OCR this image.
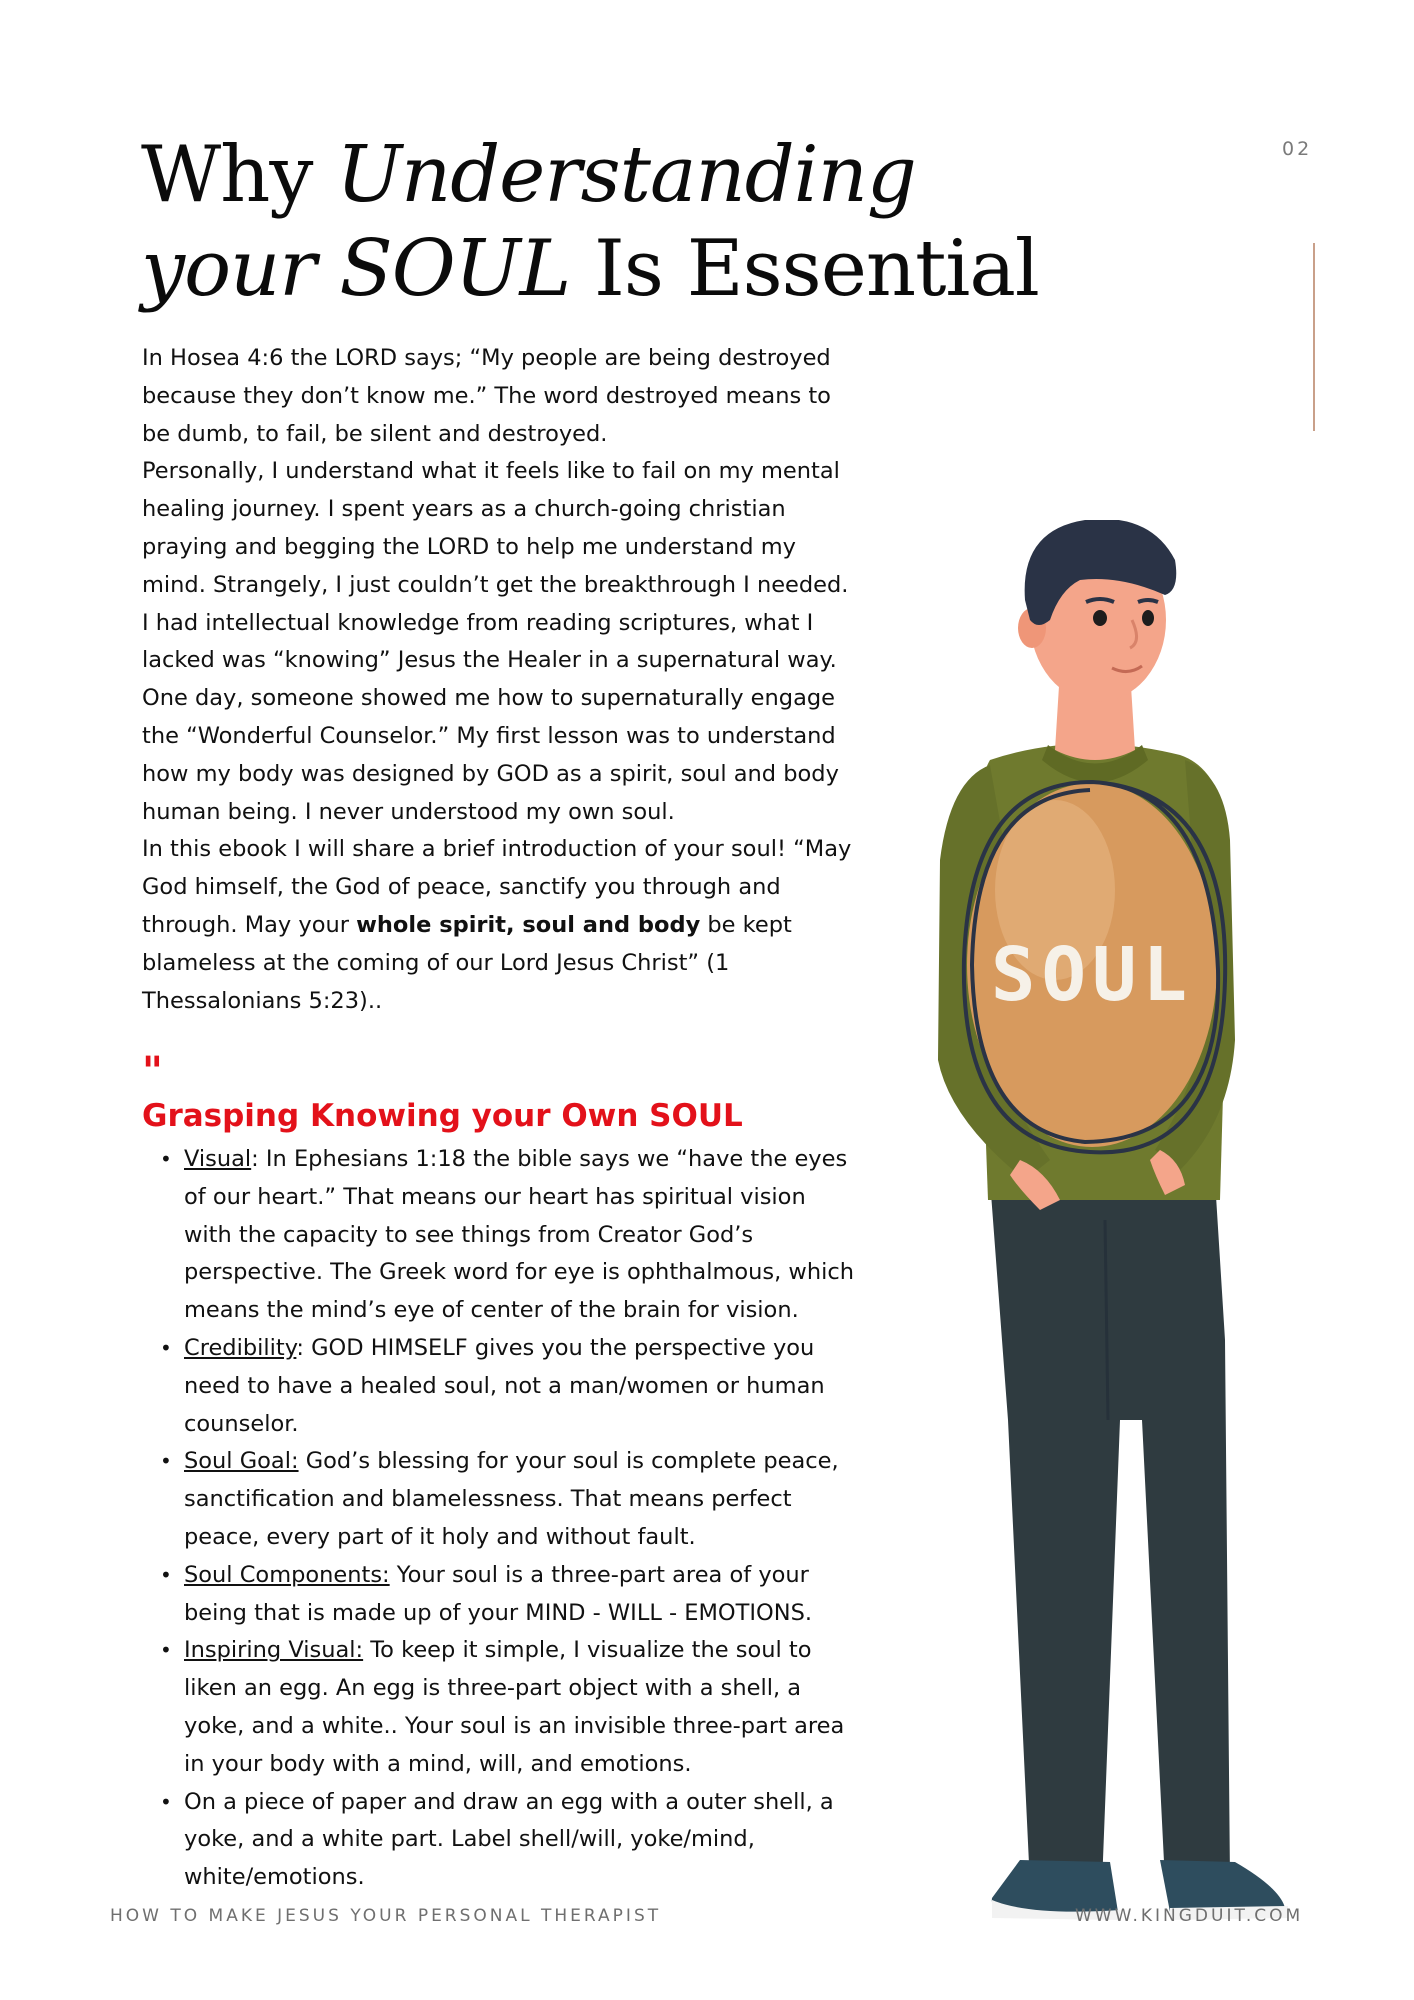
02
Why Understanding
your SOUL Is Essential

In Hosea 4:6 the LORD says; “My people are being destroyed because they don’t know me.” The word destroyed means to be dumb, to fail, be silent and destroyed.

Personally, I understand what it feels like to fail on my mental healing journey. I spent years as a church-going christian praying and begging the LORD to help me understand my mind. Strangely, I just couldn’t get the breakthrough I needed. I had intellectual knowledge from reading scriptures, what I lacked was “knowing” Jesus the Healer in a supernatural way. One day, someone showed me how to supernaturally engage the “Wonderful Counselor.” My first lesson was to understand how my body was designed by GOD as a spirit, soul and body human being. I never understood my own soul.

In this ebook I will share a brief introduction of your soul! “May God himself, the God of peace, sanctify you through and through. May your whole spirit, soul and body be kept blameless at the coming of our Lord Jesus Christ” (1 Thessalonians 5:23)..

"
Grasping Knowing your Own SOUL
• Visual: In Ephesians 1:18 the bible says we “have the eyes of our heart.” That means our heart has spiritual vision with the capacity to see things from Creator God’s perspective. The Greek word for eye is ophthalmous, which means the mind’s eye of center of the brain for vision.
• Credibility: GOD HIMSELF gives you the perspective you need to have a healed soul, not a man/women or human counselor.
• Soul Goal: God’s blessing for your soul is complete peace, sanctification and blamelessness. That means perfect peace, every part of it holy and without fault.
• Soul Components: Your soul is a three-part area of your being that is made up of your MIND - WILL - EMOTIONS.
• Inspiring Visual: To keep it simple, I visualize the soul to liken an egg. An egg is three-part object with a shell, a yoke, and a white.. Your soul is an invisible three-part area in your body with a mind, will, and emotions.
• On a piece of paper and draw an egg with a outer shell, a yoke, and a white part. Label shell/will, yoke/mind, white/emotions.
SOUL
HOW TO MAKE JESUS YOUR PERSONAL THERAPIST	WWW.KINGDUIT.COM
